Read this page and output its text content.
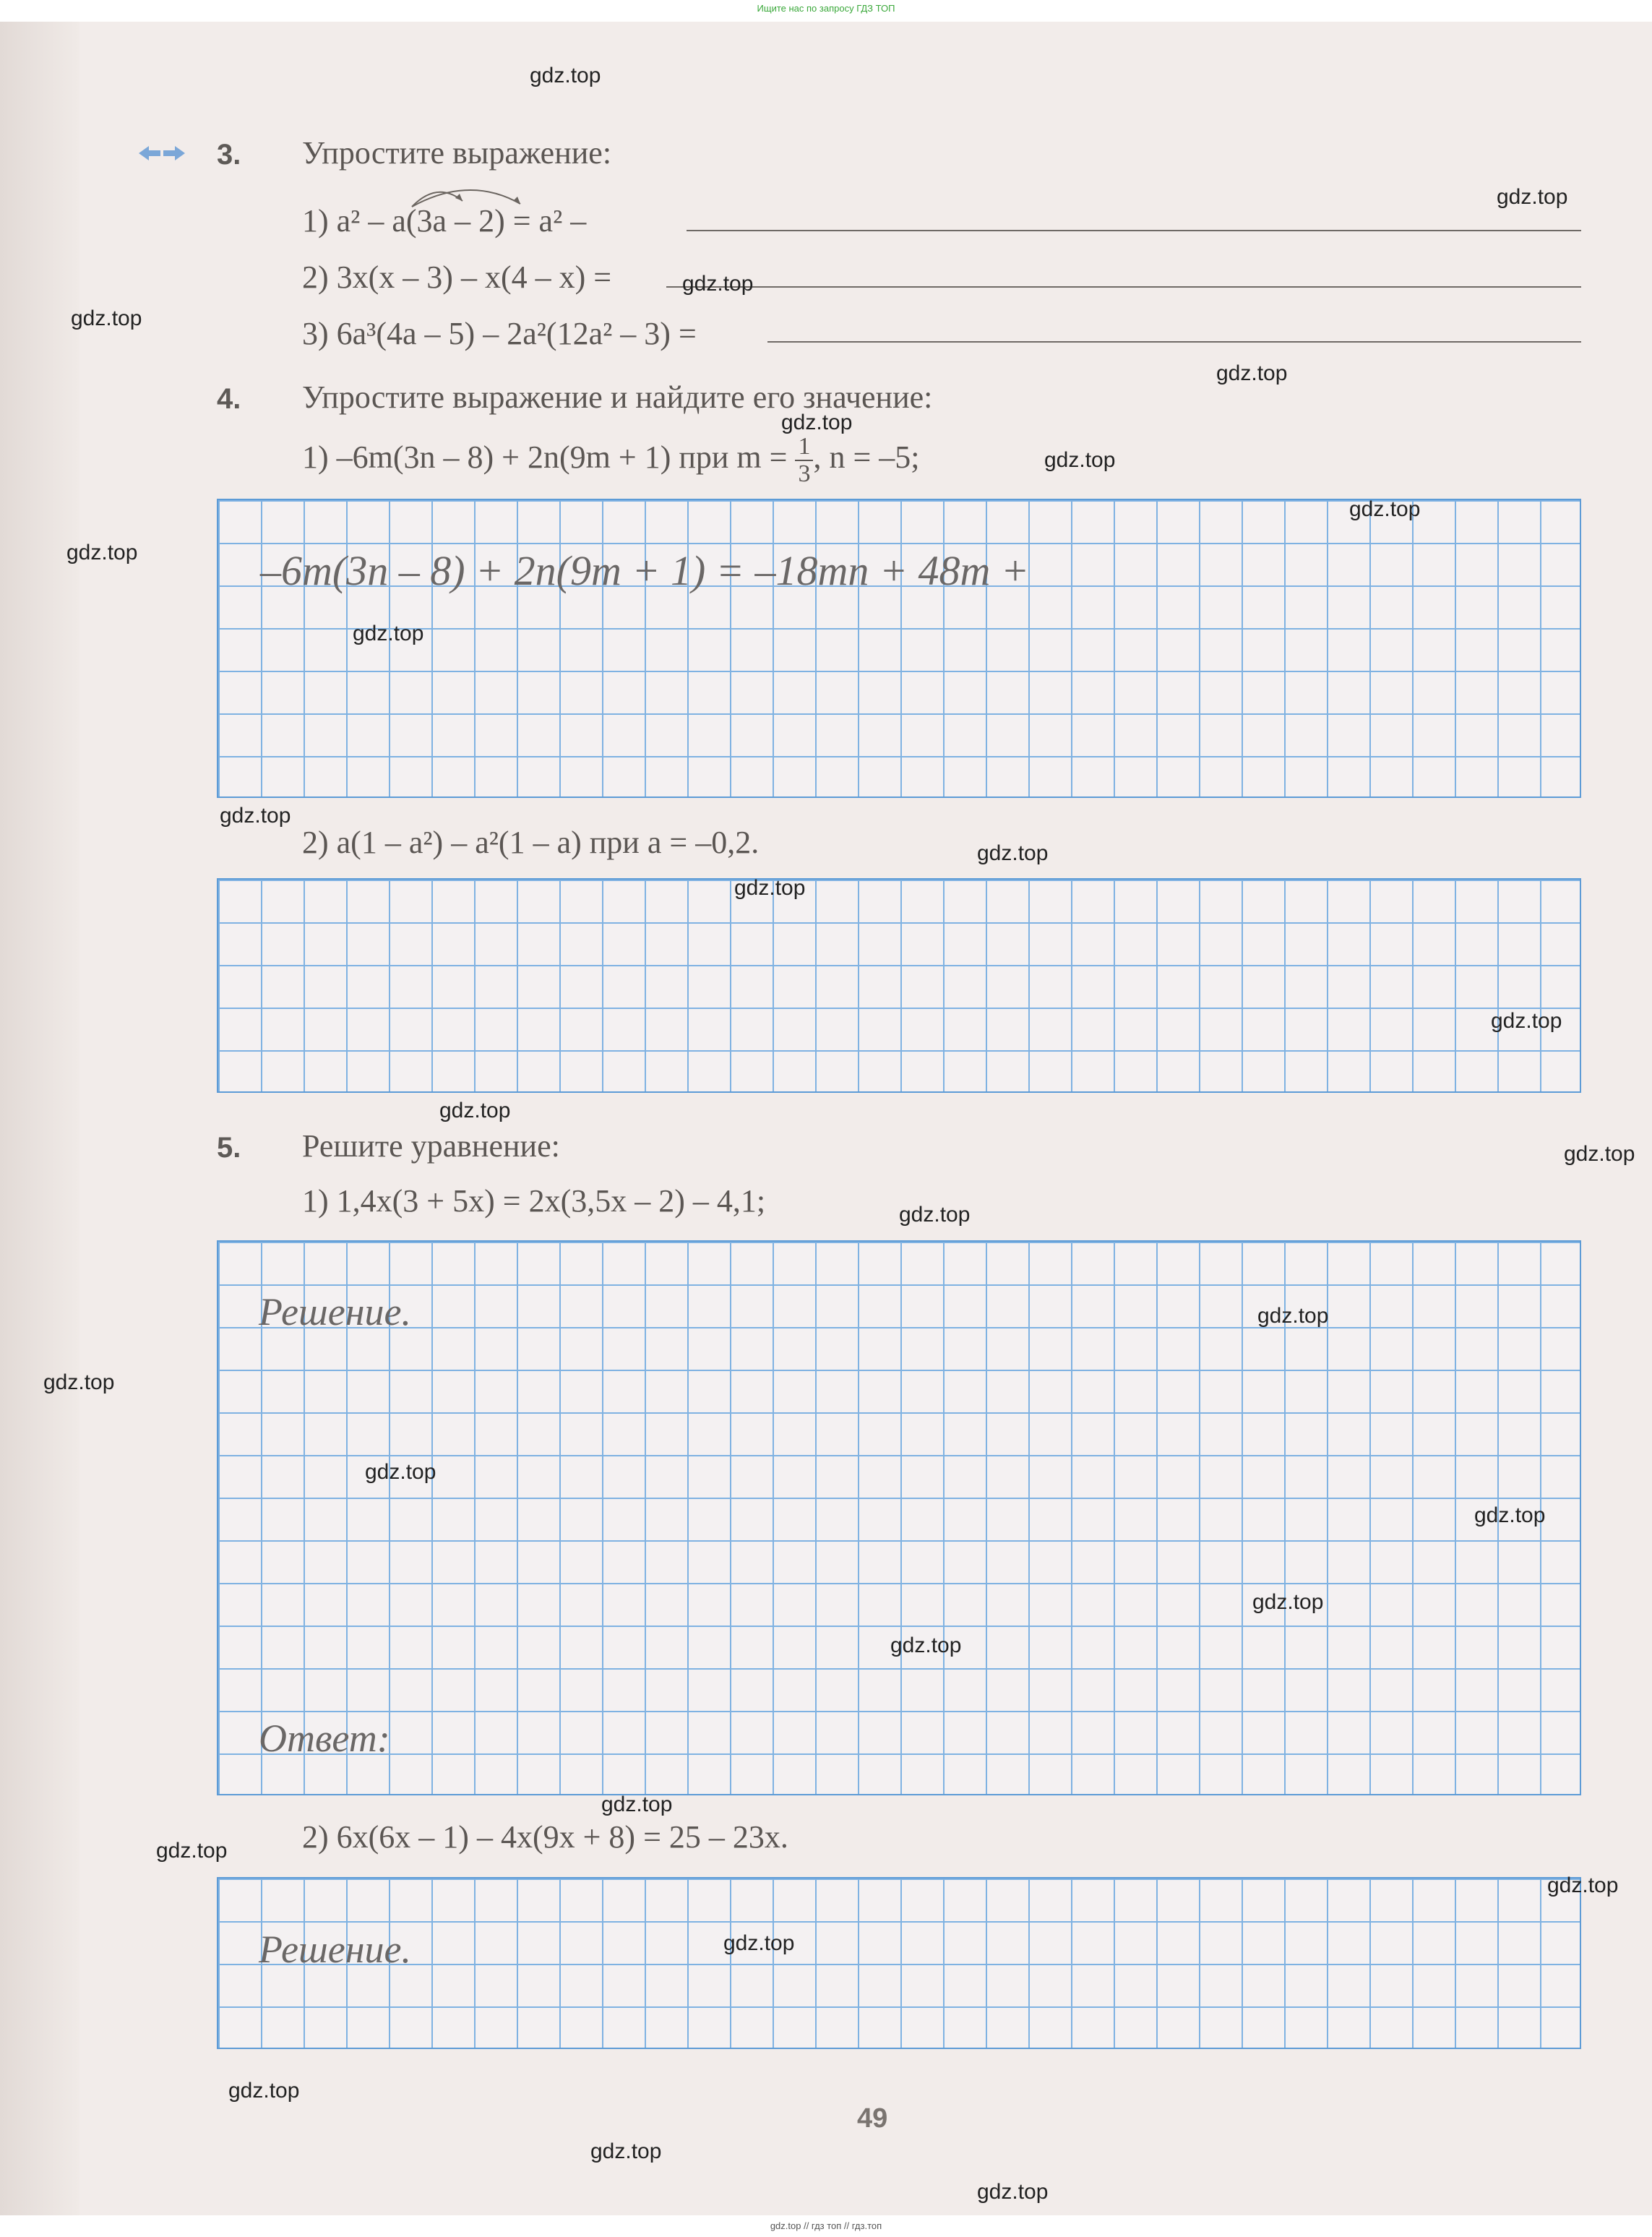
Ищите нас по запросу ГДЗ ТОП
3. Упростите выражение:
1) a² – a(3a – 2) = a² –
2) 3x(x – 3) – x(4 – x) =
3) 6a³(4a – 5) – 2a²(12a² – 3) =
4. Упростите выражение и найдите его значение:
1) –6m(3n – 8) + 2n(9m + 1) при $m = \frac{1}{3}$ , n = –5;
–6m(3n – 8) + 2n(9m + 1) = –18mn + 48m +
2) a(1 – a²) – a²(1 – a) при a = –0,2.
5. Решите уравнение:
1) 1,4x(3 + 5x) = 2x(3,5x – 2) – 4,1;
Решение.
Ответ:
2) 6x(6x – 1) – 4x(9x + 8) = 25 – 23x.
Решение.
49
gdz.top
gdz.top
gdz.top
gdz.top
gdz.top
gdz.top
gdz.top
gdz.top
gdz.top
gdz.top
gdz.top
gdz.top
gdz.top
gdz.top
gdz.top
gdz.top
gdz.top
gdz.top
gdz.top
gdz.top
gdz.top
gdz.top
gdz.top
gdz.top
gdz.top
gdz.top
gdz.top
gdz.top
gdz.top
gdz.top
gdz.top // гдз топ // гдз.топ
